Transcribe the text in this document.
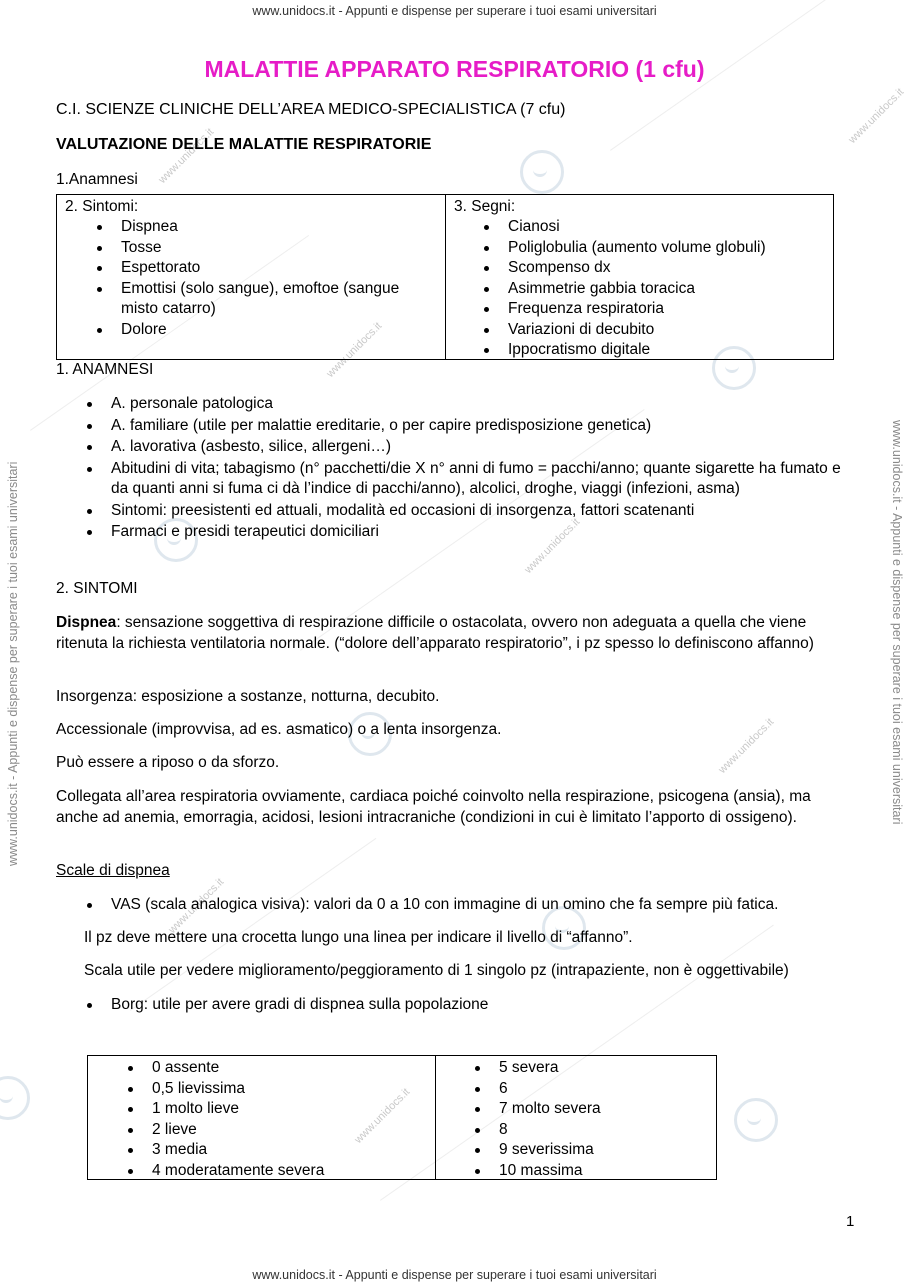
www.unidocs.it
www.unidocs.it
www.unidocs.it
www.unidocs.it
www.unidocs.it
www.unidocs.it
www.unidocs.it
www.unidocs.it - Appunti e dispense per superare i tuoi esami universitari
www.unidocs.it - Appunti e dispense per superare i tuoi esami universitari
www.unidocs.it - Appunti e dispense per superare i tuoi esami universitari	www.unidocs.it - Appunti e dispense per superare i tuoi esami universitari
MALATTIE APPARATO RESPIRATORIO (1 cfu)
C.I. SCIENZE CLINICHE DELL’AREA MEDICO-SPECIALISTICA (7 cfu)
VALUTAZIONE DELLE MALATTIE RESPIRATORIE
1.Anamnesi
2. Sintomi:
Dispnea
Tosse
Espettorato
Emottisi (solo sangue), emoftoe (sangue misto catarro)
Dolore
3. Segni:
Cianosi
Poliglobulia (aumento volume globuli)
Scompenso dx
Asimmetrie gabbia toracica
Frequenza respiratoria
Variazioni di decubito
Ippocratismo digitale
1. ANAMNESI
A. personale patologica
A. familiare (utile per malattie ereditarie, o per capire predisposizione genetica)
A. lavorativa (asbesto, silice, allergeni…)
Abitudini di vita; tabagismo (n° pacchetti/die X n° anni di fumo = pacchi/anno; quante sigarette ha fumato e da quanti anni si fuma ci dà l’indice di pacchi/anno), alcolici, droghe, viaggi (infezioni, asma)
Sintomi: preesistenti ed attuali, modalità ed occasioni di insorgenza, fattori scatenanti
Farmaci e presidi terapeutici domiciliari
2. SINTOMI
Dispnea: sensazione soggettiva di respirazione difficile o ostacolata, ovvero non adeguata a quella che viene ritenuta la richiesta ventilatoria normale. (“dolore dell’apparato respiratorio”, i pz spesso lo definiscono affanno)
Insorgenza: esposizione a sostanze, notturna, decubito.
Accessionale (improvvisa, ad es. asmatico) o a lenta insorgenza.
Può essere a riposo o da sforzo.
Collegata all’area respiratoria ovviamente, cardiaca poiché coinvolto nella respirazione, psicogena (ansia), ma anche ad anemia, emorragia, acidosi, lesioni intracraniche (condizioni in cui è limitato l’apporto di ossigeno).
Scale di dispnea
VAS (scala analogica visiva): valori da 0 a 10 con immagine di un omino che fa sempre più fatica.
Il pz deve mettere una crocetta lungo una linea per indicare il livello di “affanno”.
Scala utile per vedere miglioramento/peggioramento di 1 singolo pz (intrapaziente, non è oggettivabile)
Borg: utile per avere gradi di dispnea sulla popolazione
0 assente
0,5 lievissima
1 molto lieve
2 lieve
3 media
4 moderatamente severa
5 severa
6
7 molto severa
8
9 severissima
10 massima
1
